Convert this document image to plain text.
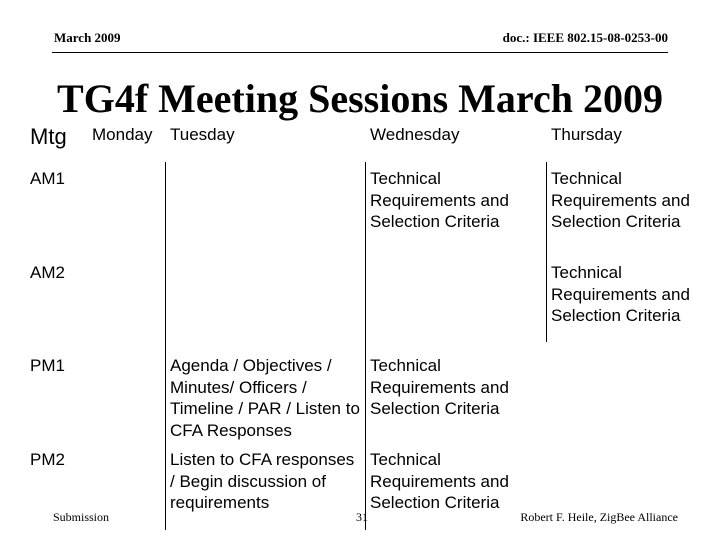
March 2009	doc.: IEEE 802.15-08-0253-00
TG4f Meeting Sessions March 2009
Mtg	Monday	Tuesday	Wednesday	Thursday
AM1			Technical Requirements and Selection Criteria	Technical Requirements and Selection Criteria
AM2				Technical Requirements and Selection Criteria
PM1		Agenda / Objectives / Minutes/ Officers / Timeline / PAR / Listen to CFA Responses	Technical Requirements and Selection Criteria	
PM2		Listen to CFA responses / Begin discussion of requirements	Technical Requirements and Selection Criteria	
Submission	31	Robert F. Heile, ZigBee Alliance
